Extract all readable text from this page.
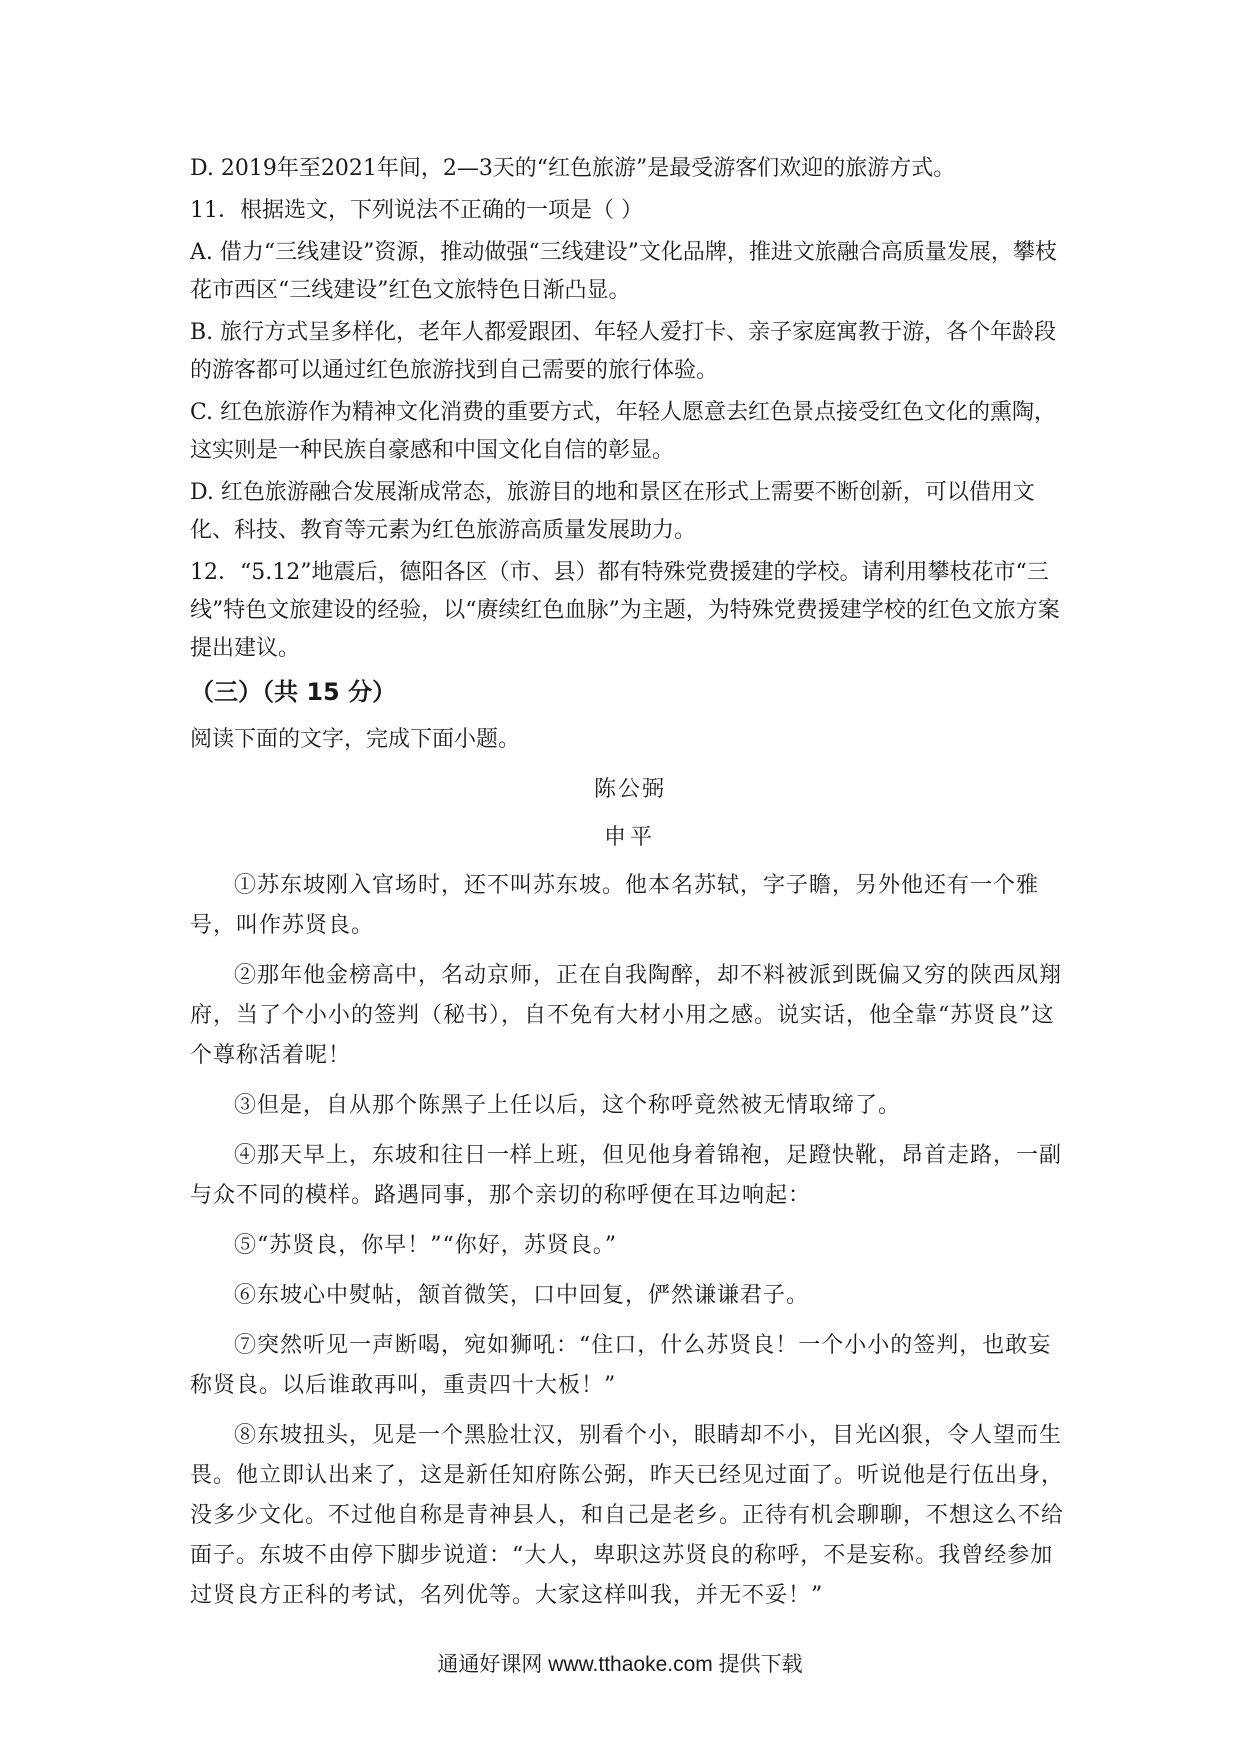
D. 2019年至2021年间，2—3天的“红色旅游”是最受游客们欢迎的旅游方式。

11．根据选文，下列说法不正确的一项是（ ）

A. 借力“三线建设”资源，推动做强“三线建设”文化品牌，推进文旅融合高质量发展，攀枝花市西区“三线建设”红色文旅特色日渐凸显。

B. 旅行方式呈多样化，老年人都爱跟团、年轻人爱打卡、亲子家庭寓教于游，各个年龄段的游客都可以通过红色旅游找到自己需要的旅行体验。

C. 红色旅游作为精神文化消费的重要方式，年轻人愿意去红色景点接受红色文化的熏陶，这实则是一种民族自豪感和中国文化自信的彰显。

D. 红色旅游融合发展渐成常态，旅游目的地和景区在形式上需要不断创新，可以借用文化、科技、教育等元素为红色旅游高质量发展助力。

12．“5.12”地震后，德阳各区（市、县）都有特殊党费援建的学校。请利用攀枝花市“三线”特色文旅建设的经验，以“赓续红色血脉”为主题，为特殊党费援建学校的红色文旅方案提出建议。

（三）（共 15 分）

阅读下面的文字，完成下面小题。

陈公弼
申平

①苏东坡刚入官场时，还不叫苏东坡。他本名苏轼，字子瞻，另外他还有一个雅号，叫作苏贤良。

②那年他金榜高中，名动京师，正在自我陶醉，却不料被派到既偏又穷的陕西凤翔府，当了个小小的签判（秘书），自不免有大材小用之感。说实话，他全靠“苏贤良”这个尊称活着呢！

③但是，自从那个陈黑子上任以后，这个称呼竟然被无情取缔了。

④那天早上，东坡和往日一样上班，但见他身着锦袍，足蹬快靴，昂首走路，一副与众不同的模样。路遇同事，那个亲切的称呼便在耳边响起：

⑤“苏贤良，你早！”“你好，苏贤良。”

⑥东坡心中熨帖，颔首微笑，口中回复，俨然谦谦君子。

⑦突然听见一声断喝，宛如狮吼：“住口，什么苏贤良！一个小小的签判，也敢妄称贤良。以后谁敢再叫，重责四十大板！”

⑧东坡扭头，见是一个黑脸壮汉，别看个小，眼睛却不小，目光凶狠，令人望而生畏。他立即认出来了，这是新任知府陈公弼，昨天已经见过面了。听说他是行伍出身，没多少文化。不过他自称是青神县人，和自己是老乡。正待有机会聊聊，不想这么不给面子。东坡不由停下脚步说道：“大人，卑职这苏贤良的称呼，不是妄称。我曾经参加过贤良方正科的考试，名列优等。大家这样叫我，并无不妥！”

通通好课网 www.tthaoke.com 提供下载
